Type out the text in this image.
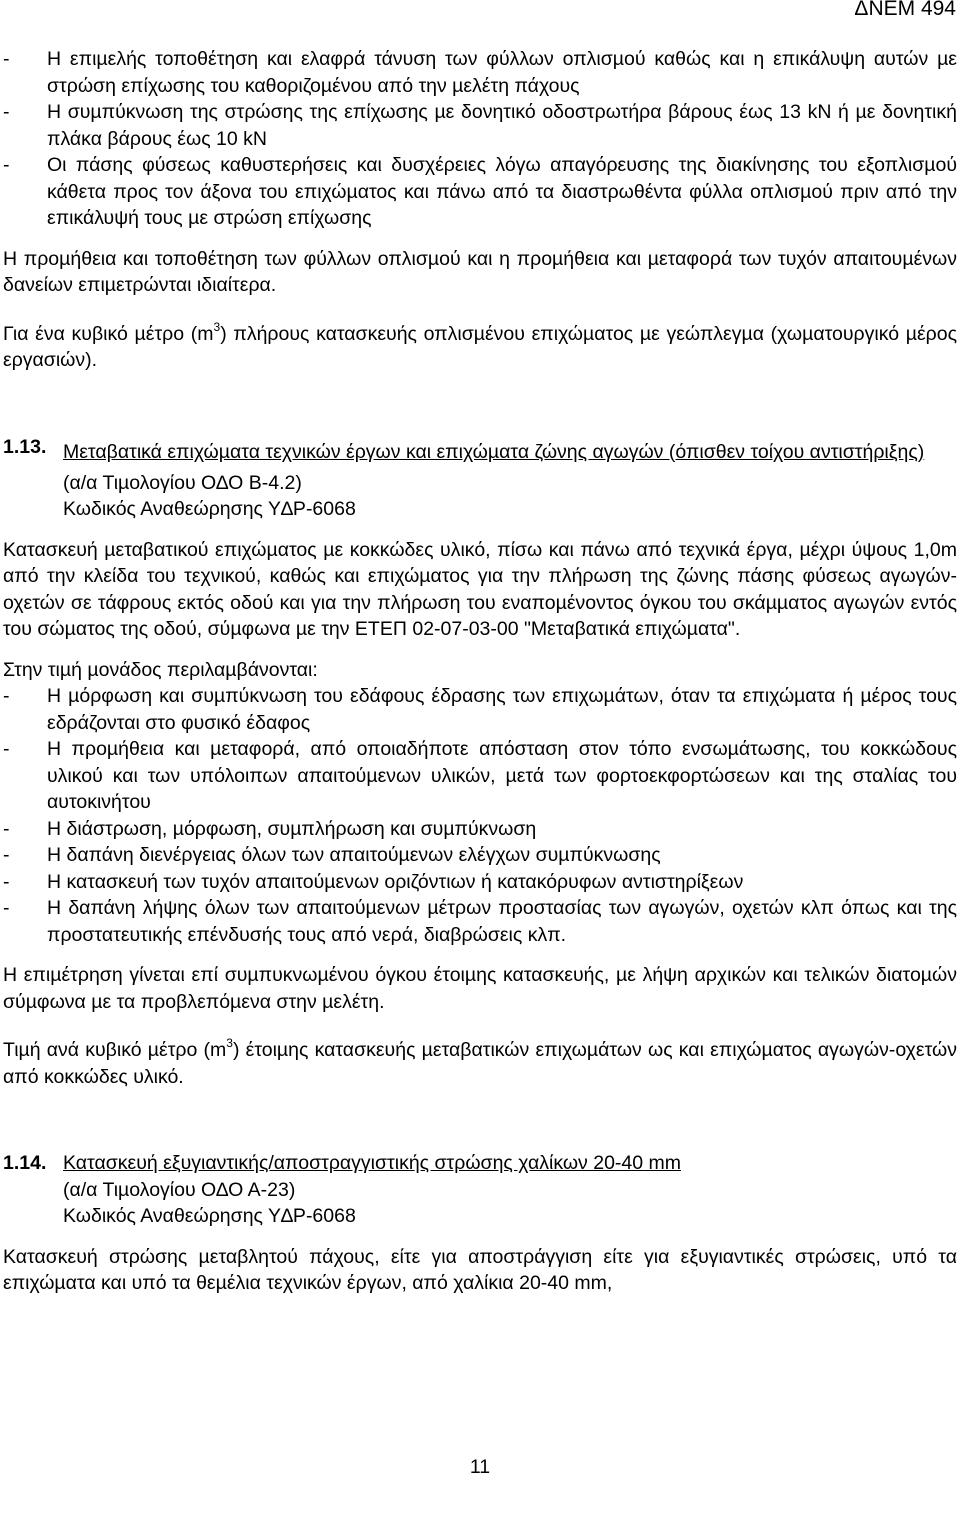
ΔΝΕΜ 494
- Η επιµελής τοποθέτηση και ελαφρά τάνυση των φύλλων οπλισµού καθώς και η επικάλυψη αυτών µε στρώση επίχωσης του καθοριζοµένου από την µελέτη πάχους
- Η συµπύκνωση της στρώσης της επίχωσης µε δονητικό οδοστρωτήρα βάρους έως 13 kN ή µε δονητική πλάκα βάρους έως 10 kN
- Οι πάσης φύσεως καθυστερήσεις και δυσχέρειες λόγω απαγόρευσης της διακίνησης του εξοπλισµού κάθετα προς τον άξονα του επιχώµατος και πάνω από τα διαστρωθέντα φύλλα οπλισµού πριν από την επικάλυψή τους µε στρώση επίχωσης

Η προµήθεια και τοποθέτηση των φύλλων οπλισµού και η προµήθεια και µεταφορά των τυχόν απαιτουµένων δανείων επιµετρώνται ιδιαίτερα.

Για ένα κυβικό µέτρο $(m^3)$ πλήρους κατασκευής οπλισµένου επιχώµατος µε γεώπλεγµα (χωµατουργικό µέρος εργασιών).

1.13. Μεταβατικά επιχώµατα τεχνικών έργων και επιχώµατα ζώνης αγωγών (όπισθεν τοίχου αντιστήριξης)
(α/α Τιµολογίου Ο∆Ο Β-4.2)
Κωδικός Αναθεώρησης Υ∆Ρ-6068

Κατασκευή µεταβατικού επιχώµατος µε κοκκώδες υλικό, πίσω και πάνω από τεχνικά έργα, µέχρι ύψους 1,0m από την κλείδα του τεχνικού, καθώς και επιχώµατος για την πλήρωση της ζώνης πάσης φύσεως αγωγών-οχετών σε τάφρους εκτός οδού και για την πλήρωση του εναποµένοντος όγκου του σκάµµατος αγωγών εντός του σώµατος της οδού, σύµφωνα µε την ΕΤΕΠ 02-07-03-00 "Μεταβατικά επιχώµατα".

Στην τιµή µονάδος περιλαµβάνονται:

- Η µόρφωση και συµπύκνωση του εδάφους έδρασης των επιχωµάτων, όταν τα επιχώµατα ή µέρος τους εδράζονται στο φυσικό έδαφος
- Η προµήθεια και µεταφορά, από οποιαδήποτε απόσταση στον τόπο ενσωµάτωσης, του κοκκώδους υλικού και των υπόλοιπων απαιτούµενων υλικών, µετά των φορτοεκφορτώσεων και της σταλίας του αυτοκινήτου
- Η διάστρωση, µόρφωση, συµπλήρωση και συµπύκνωση
- Η δαπάνη διενέργειας όλων των απαιτούµενων ελέγχων συµπύκνωσης
- Η κατασκευή των τυχόν απαιτούµενων οριζόντιων ή κατακόρυφων αντιστηρίξεων
- Η δαπάνη λήψης όλων των απαιτούµενων µέτρων προστασίας των αγωγών, οχετών κλπ όπως και της προστατευτικής επένδυσής τους από νερά, διαβρώσεις κλπ.

Η επιµέτρηση γίνεται επί συµπυκνωµένου όγκου έτοιµης κατασκευής, µε λήψη αρχικών και τελικών διατοµών σύµφωνα µε τα προβλεπόµενα στην µελέτη.

Τιµή ανά κυβικό µέτρο $(m^3)$ έτοιµης κατασκευής µεταβατικών επιχωµάτων ως και επιχώµατος αγωγών-οχετών από κοκκώδες υλικό.

1.14. Κατασκευή εξυγιαντικής/αποστραγγιστικής στρώσης χαλίκων 20-40 mm
(α/α Τιµολογίου Ο∆Ο Α-23)
Κωδικός Αναθεώρησης Υ∆Ρ-6068

Κατασκευή στρώσης µεταβλητού πάχους, είτε για αποστράγγιση είτε για εξυγιαντικές στρώσεις, υπό τα επιχώµατα και υπό τα θεµέλια τεχνικών έργων, από χαλίκια 20-40 mm,

11
